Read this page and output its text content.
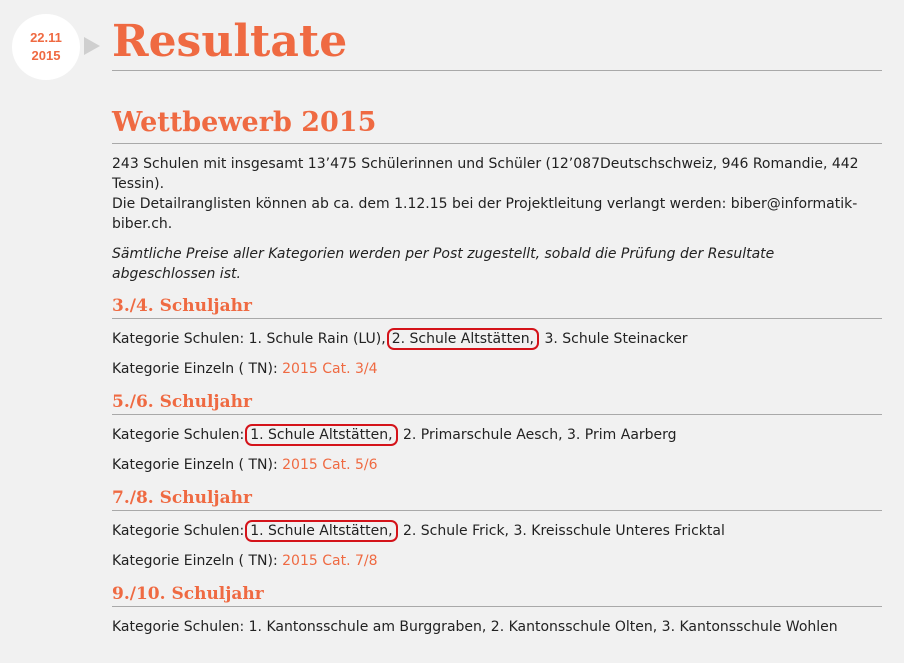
22.11
2015 Resultate
Wettbewerb 2015

243 Schulen mit insgesamt 13’475 Schülerinnen und Schüler (12’087Deutschschweiz, 946 Romandie, 442 Tessin).

Die Detailranglisten können ab ca. dem 1.12.15 bei der Projektleitung verlangt werden: biber@informatik-biber.ch.

Sämtliche Preise aller Kategorien werden per Post zugestellt, sobald die Prüfung der Resultate abgeschlossen ist.

3./4. Schuljahr

Kategorie Schulen: 1. Schule Rain (LU), 2. Schule Altstätten, 3. Schule Steinacker

Kategorie Einzeln ( TN): 2015 Cat. 3/4

5./6. Schuljahr

Kategorie Schulen: 1. Schule Altstätten, 2. Primarschule Aesch, 3. Prim Aarberg

Kategorie Einzeln ( TN): 2015 Cat. 5/6

7./8. Schuljahr

Kategorie Schulen: 1. Schule Altstätten, 2. Schule Frick, 3. Kreisschule Unteres Fricktal

Kategorie Einzeln ( TN): 2015 Cat. 7/8

9./10. Schuljahr

Kategorie Schulen: 1. Kantonsschule am Burggraben, 2. Kantonsschule Olten, 3. Kantonsschule Wohlen
